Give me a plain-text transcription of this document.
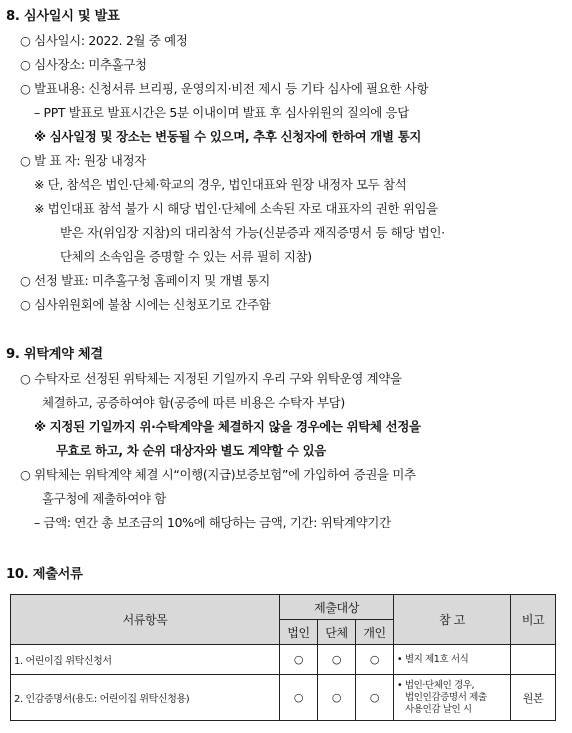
8. 심사일시 및 발표
○ 심사일시: 2022. 2월 중 예정
○ 심사장소: 미추홀구청
○ 발표내용: 신청서류 브리핑, 운영의지·비전 제시 등 기타 심사에 필요한 사항
– PPT 발표로 발표시간은 5분 이내이며 발표 후 심사위원의 질의에 응답
※ 심사일정 및 장소는 변동될 수 있으며, 추후 신청자에 한하여 개별 통지
○ 발 표 자: 원장 내정자
※ 단, 참석은 법인·단체·학교의 경우, 법인대표와 원장 내정자 모두 참석
※ 법인대표 참석 불가 시 해당 법인·단체에 소속된 자로 대표자의 권한 위임을
받은 자(위임장 지참)의 대리참석 가능(신분증과 재직증명서 등 해당 법인·
단체의 소속임을 증명할 수 있는 서류 필히 지참)
○ 선정 발표: 미추홀구청 홈페이지 및 개별 통지
○ 심사위원회에 불참 시에는 신청포기로 간주함
9. 위탁계약 체결
○ 수탁자로 선정된 위탁체는 지정된 기일까지 우리 구와 위탁운영 계약을
체결하고, 공증하여야 함(공증에 따른 비용은 수탁자 부담)
※ 지정된 기일까지 위·수탁계약을 체결하지 않을 경우에는 위탁체 선정을
무효로 하고, 차 순위 대상자와 별도 계약할 수 있음
○ 위탁체는 위탁계약 체결 시“이행(지급)보증보험”에 가입하여 증권을 미추
홀구청에 제출하여야 함
– 금액: 연간 총 보조금의 10%에 해당하는 금액, 기간: 위탁계약기간
10. 제출서류
서류항목	제출대상			참 고	비고
	법인	단체	개인		
1. 어린이집 위탁신청서	○	○	○	• 별지 제1호 서식	

2. 인감증명서(용도: 어린이집 위탁신청용)	○	○	○	• 법인·단체인 경우,
법인인감증명서 제출
사용인감 날인 시	원본
